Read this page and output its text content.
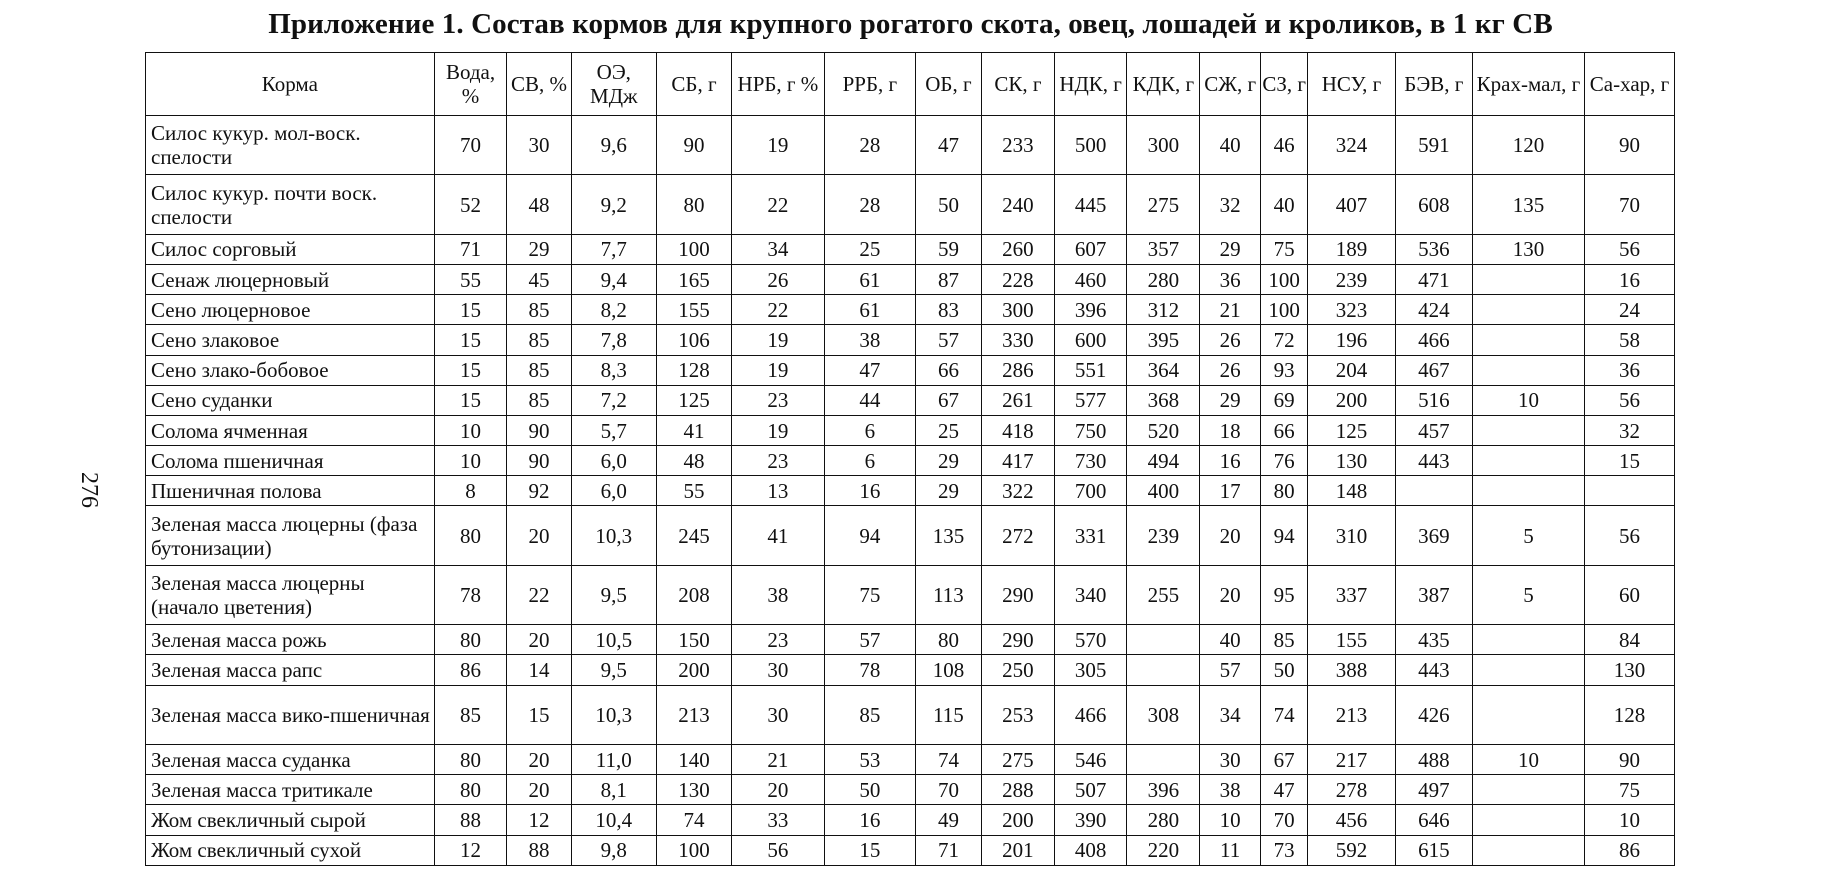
Приложение 1. Состав кормов для крупного рогатого скота, овец, лошадей и кроликов, в 1 кг СВ
276
Корма	Вода, %	СВ, %	ОЭ, МДж	СБ, г	НРБ, г %	РРБ, г	ОБ, г	СК, г	НДК, г	КДК, г	СЖ, г	СЗ, г	НСУ, г	БЭВ, г	Крах-мал, г	Са-хар, г
Силос кукур. мол-воск. спелости	70	30	9,6	90	19	28	47	233	500	300	40	46	324	591	120	90
Силос кукур. почти воск. спелости	52	48	9,2	80	22	28	50	240	445	275	32	40	407	608	135	70
Силос сорговый	71	29	7,7	100	34	25	59	260	607	357	29	75	189	536	130	56
Сенаж люцерновый	55	45	9,4	165	26	61	87	228	460	280	36	100	239	471		16
Сено люцерновое	15	85	8,2	155	22	61	83	300	396	312	21	100	323	424		24
Сено злаковое	15	85	7,8	106	19	38	57	330	600	395	26	72	196	466		58
Сено злако-бобовое	15	85	8,3	128	19	47	66	286	551	364	26	93	204	467		36
Сено суданки	15	85	7,2	125	23	44	67	261	577	368	29	69	200	516	10	56
Солома ячменная	10	90	5,7	41	19	6	25	418	750	520	18	66	125	457		32
Солома пшеничная	10	90	6,0	48	23	6	29	417	730	494	16	76	130	443		15
Пшеничная полова	8	92	6,0	55	13	16	29	322	700	400	17	80	148			
Зеленая масса люцерны (фаза бутонизации)	80	20	10,3	245	41	94	135	272	331	239	20	94	310	369	5	56
Зеленая масса люцерны (начало цветения)	78	22	9,5	208	38	75	113	290	340	255	20	95	337	387	5	60
Зеленая масса рожь	80	20	10,5	150	23	57	80	290	570		40	85	155	435		84
Зеленая масса рапс	86	14	9,5	200	30	78	108	250	305		57	50	388	443		130
Зеленая масса вико-пшеничная	85	15	10,3	213	30	85	115	253	466	308	34	74	213	426		128
Зеленая масса суданка	80	20	11,0	140	21	53	74	275	546		30	67	217	488	10	90
Зеленая масса тритикале	80	20	8,1	130	20	50	70	288	507	396	38	47	278	497		75
Жом свекличный сырой	88	12	10,4	74	33	16	49	200	390	280	10	70	456	646		10
Жом свекличный сухой	12	88	9,8	100	56	15	71	201	408	220	11	73	592	615		86
